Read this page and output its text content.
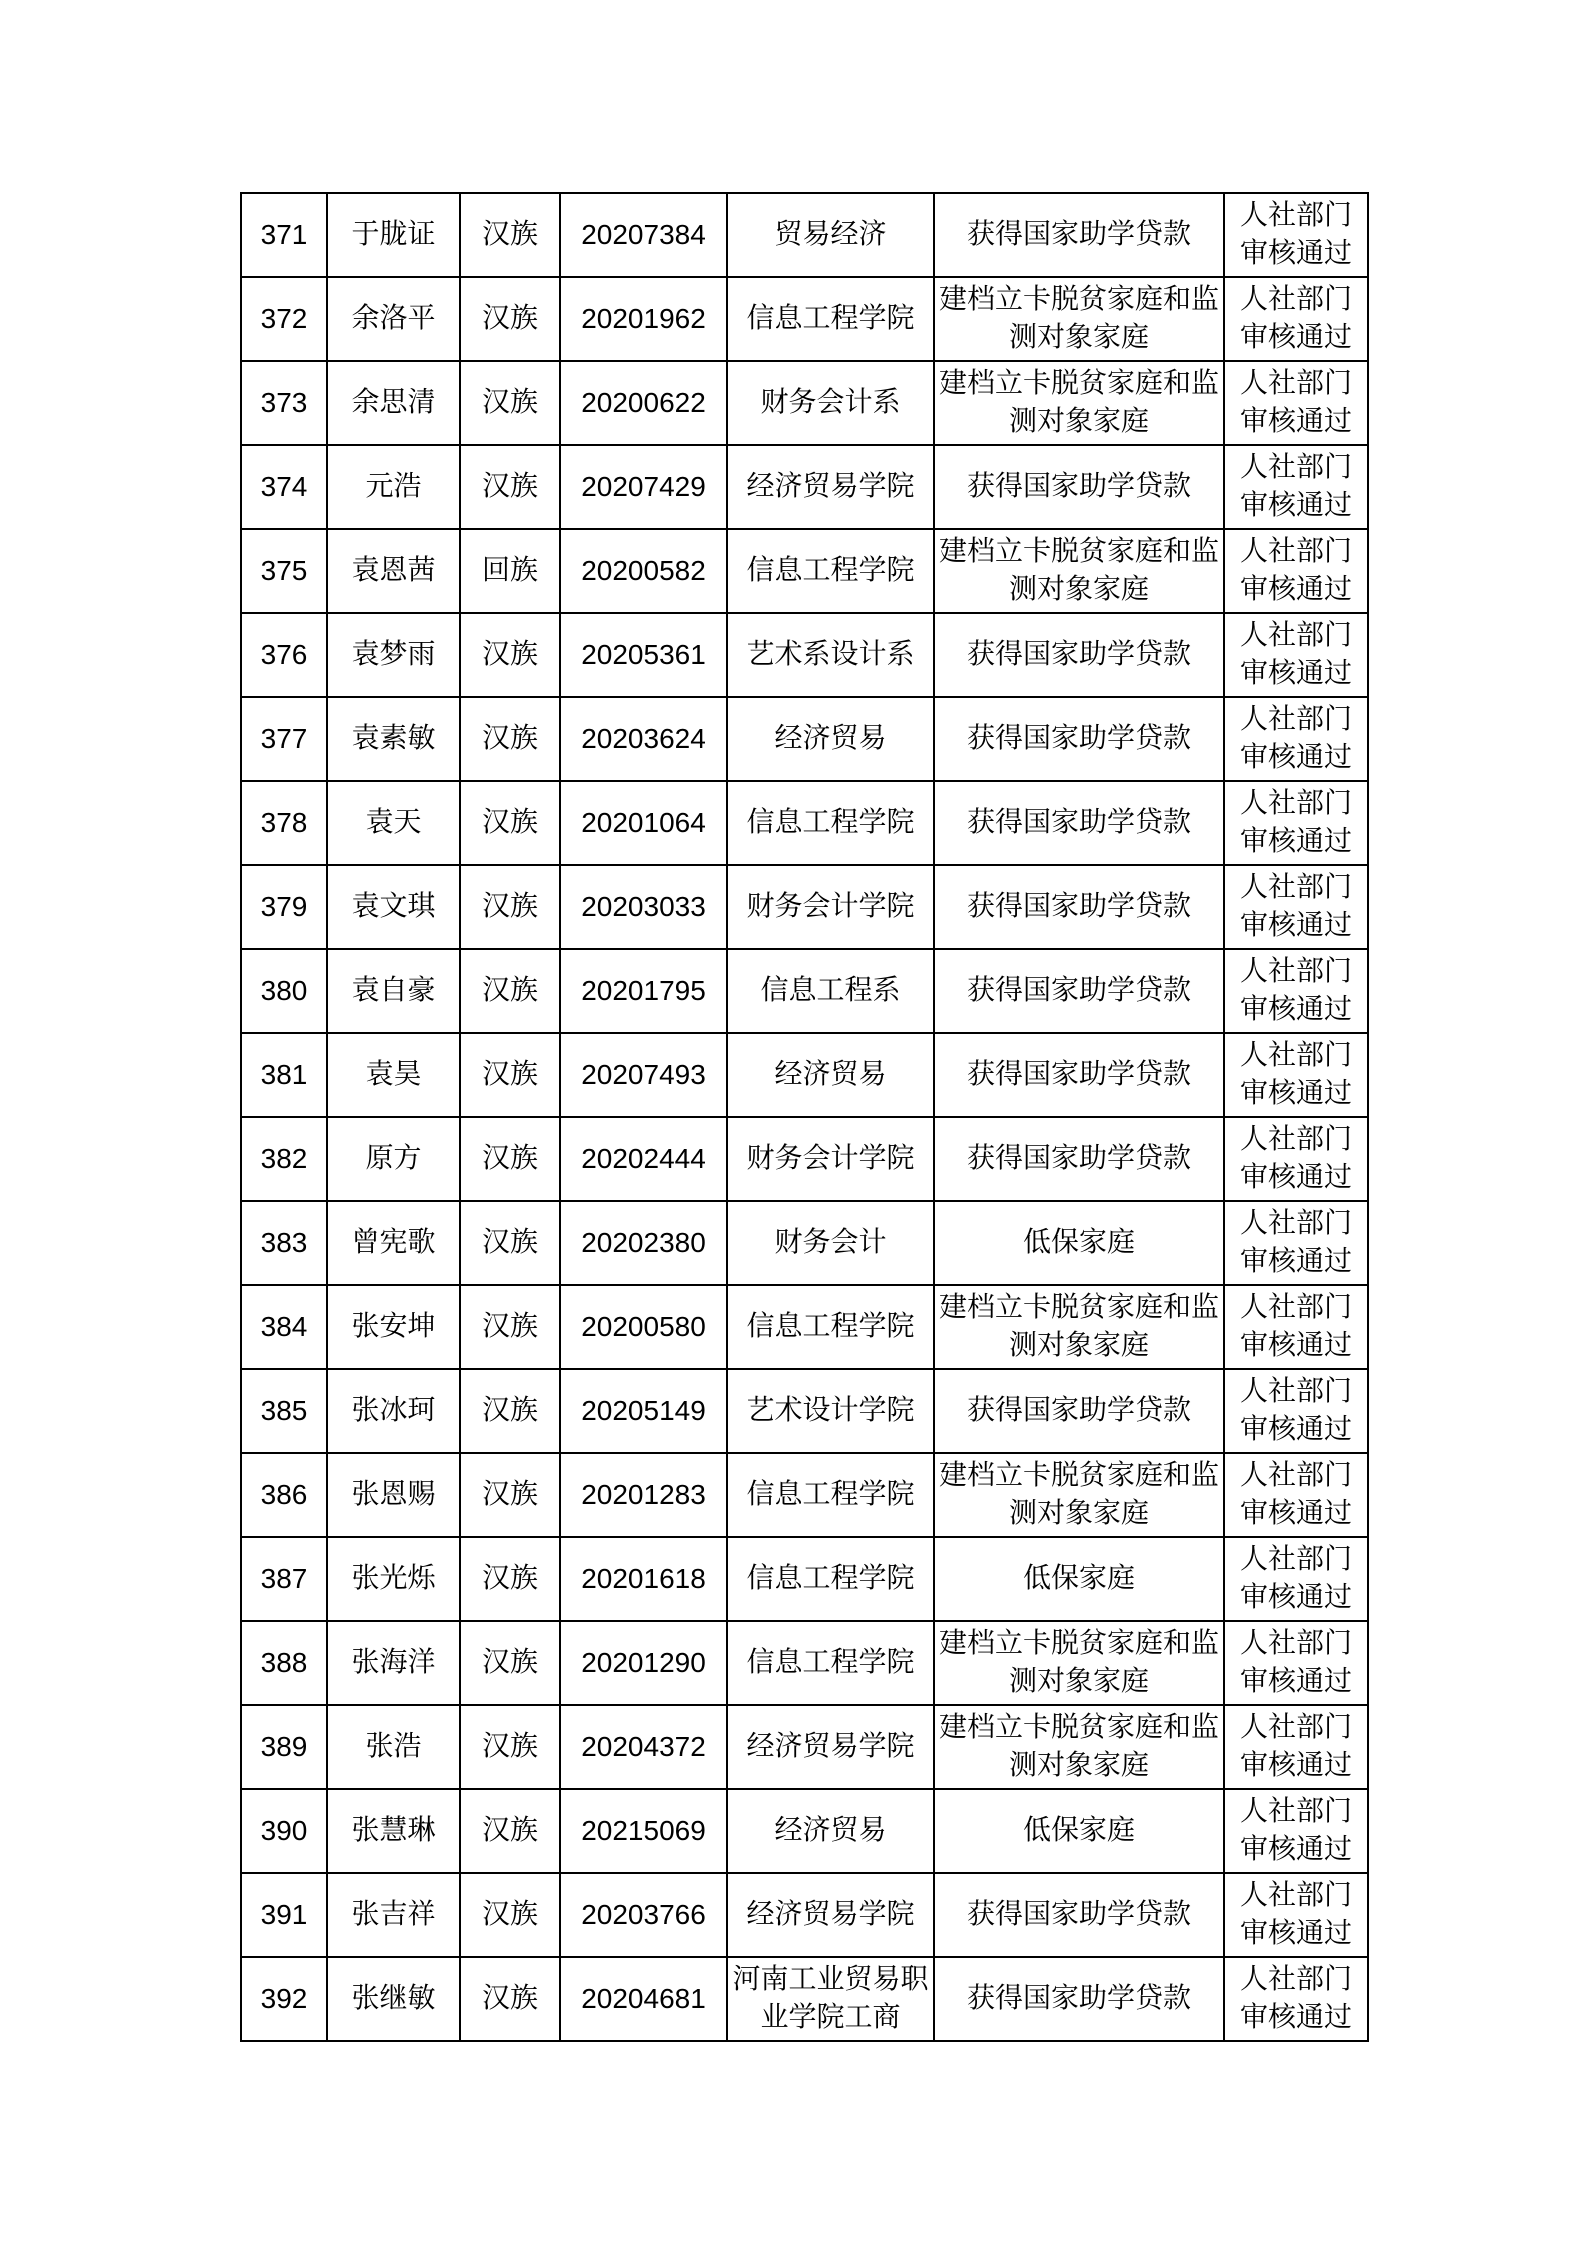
371	于胧证	汉族	20207384	贸易经济	获得国家助学贷款	人社部门审核通过
372	余洛平	汉族	20201962	信息工程学院	建档立卡脱贫家庭和监测对象家庭	人社部门审核通过
373	余思清	汉族	20200622	财务会计系	建档立卡脱贫家庭和监测对象家庭	人社部门审核通过
374	元浩	汉族	20207429	经济贸易学院	获得国家助学贷款	人社部门审核通过
375	袁恩茜	回族	20200582	信息工程学院	建档立卡脱贫家庭和监测对象家庭	人社部门审核通过
376	袁梦雨	汉族	20205361	艺术系设计系	获得国家助学贷款	人社部门审核通过
377	袁素敏	汉族	20203624	经济贸易	获得国家助学贷款	人社部门审核通过
378	袁天	汉族	20201064	信息工程学院	获得国家助学贷款	人社部门审核通过
379	袁文琪	汉族	20203033	财务会计学院	获得国家助学贷款	人社部门审核通过
380	袁自豪	汉族	20201795	信息工程系	获得国家助学贷款	人社部门审核通过
381	袁昊	汉族	20207493	经济贸易	获得国家助学贷款	人社部门审核通过
382	原方	汉族	20202444	财务会计学院	获得国家助学贷款	人社部门审核通过
383	曾宪歌	汉族	20202380	财务会计	低保家庭	人社部门审核通过
384	张安坤	汉族	20200580	信息工程学院	建档立卡脱贫家庭和监测对象家庭	人社部门审核通过
385	张冰珂	汉族	20205149	艺术设计学院	获得国家助学贷款	人社部门审核通过
386	张恩赐	汉族	20201283	信息工程学院	建档立卡脱贫家庭和监测对象家庭	人社部门审核通过
387	张光烁	汉族	20201618	信息工程学院	低保家庭	人社部门审核通过
388	张海洋	汉族	20201290	信息工程学院	建档立卡脱贫家庭和监测对象家庭	人社部门审核通过
389	张浩	汉族	20204372	经济贸易学院	建档立卡脱贫家庭和监测对象家庭	人社部门审核通过
390	张慧琳	汉族	20215069	经济贸易	低保家庭	人社部门审核通过
391	张吉祥	汉族	20203766	经济贸易学院	获得国家助学贷款	人社部门审核通过
392	张继敏	汉族	20204681	河南工业贸易职业学院工商	获得国家助学贷款	人社部门审核通过
